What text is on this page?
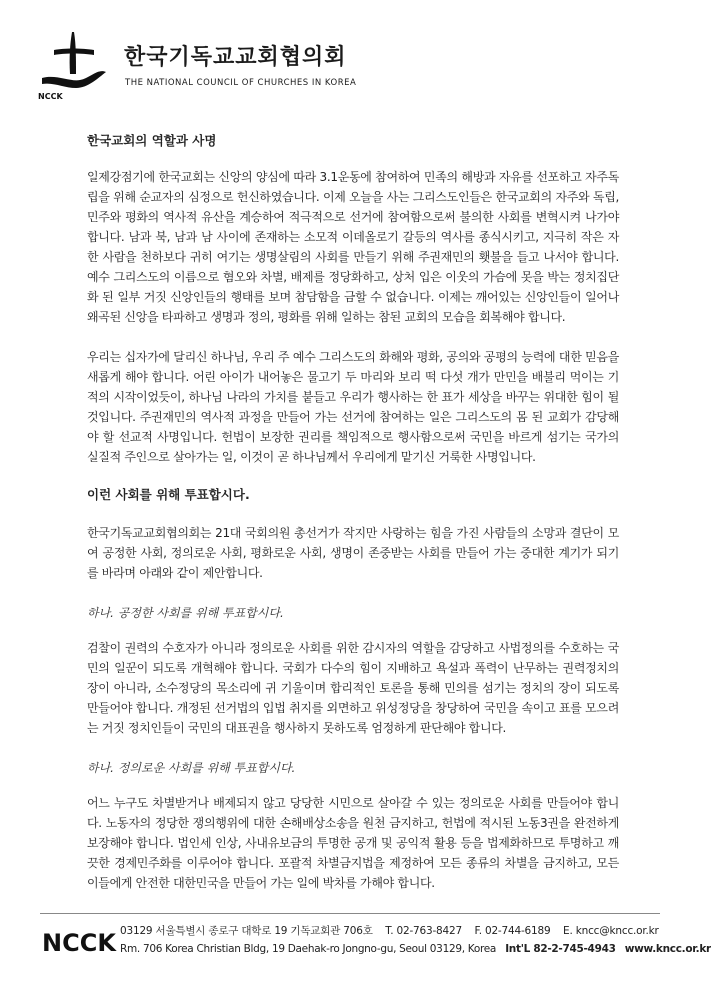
NCCK
한국기독교교회협의회
THE NATIONAL COUNCIL OF CHURCHES IN KOREA
한국교회의 역할과 사명

일제강점기에 한국교회는 신앙의 양심에 따라 3.1운동에 참여하여 민족의 해방과 자유를 선포하고 자주독립을 위해 순교자의 심정으로 헌신하였습니다. 이제 오늘을 사는 그리스도인들은 한국교회의 자주와 독립, 민주와 평화의 역사적 유산을 계승하여 적극적으로 선거에 참여함으로써 불의한 사회를 변혁시켜 나가야 합니다. 남과 북, 남과 남 사이에 존재하는 소모적 이데올로기 갈등의 역사를 종식시키고, 지극히 작은 자 한 사람을 천하보다 귀히 여기는 생명살림의 사회를 만들기 위해 주권재민의 횃불을 들고 나서야 합니다. 예수 그리스도의 이름으로 혐오와 차별, 배제를 정당화하고, 상처 입은 이웃의 가슴에 못을 박는 정치집단화 된 일부 거짓 신앙인들의 행태를 보며 참담함을 금할 수 없습니다. 이제는 깨어있는 신앙인들이 일어나 왜곡된 신앙을 타파하고 생명과 정의, 평화를 위해 일하는 참된 교회의 모습을 회복해야 합니다.

우리는 십자가에 달리신 하나님, 우리 주 예수 그리스도의 화해와 평화, 공의와 공평의 능력에 대한 믿음을 새롭게 해야 합니다. 어린 아이가 내어놓은 물고기 두 마리와 보리 떡 다섯 개가 만민을 배불리 먹이는 기적의 시작이었듯이, 하나님 나라의 가치를 붙들고 우리가 행사하는 한 표가 세상을 바꾸는 위대한 힘이 될 것입니다. 주권재민의 역사적 과정을 만들어 가는 선거에 참여하는 일은 그리스도의 몸 된 교회가 감당해야 할 선교적 사명입니다. 헌법이 보장한 권리를 책임적으로 행사함으로써 국민을 바르게 섬기는 국가의 실질적 주인으로 살아가는 일, 이것이 곧 하나님께서 우리에게 맡기신 거룩한 사명입니다.

이런 사회를 위해 투표합시다.

한국기독교교회협의회는 21대 국회의원 총선거가 작지만 사랑하는 힘을 가진 사람들의 소망과 결단이 모여 공정한 사회, 정의로운 사회, 평화로운 사회, 생명이 존중받는 사회를 만들어 가는 중대한 계기가 되기를 바라며 아래와 같이 제안합니다.

하나. 공정한 사회를 위해 투표합시다.

검찰이 권력의 수호자가 아니라 정의로운 사회를 위한 감시자의 역할을 감당하고 사법정의를 수호하는 국민의 일꾼이 되도록 개혁해야 합니다. 국회가 다수의 힘이 지배하고 욕설과 폭력이 난무하는 권력정치의 장이 아니라, 소수정당의 목소리에 귀 기울이며 합리적인 토론을 통해 민의를 섬기는 정치의 장이 되도록 만들어야 합니다. 개정된 선거법의 입법 취지를 외면하고 위성정당을 창당하여 국민을 속이고 표를 모으려는 거짓 정치인들이 국민의 대표권을 행사하지 못하도록 엄정하게 판단해야 합니다.

하나. 정의로운 사회를 위해 투표합시다.

어느 누구도 차별받거나 배제되지 않고 당당한 시민으로 살아갈 수 있는 정의로운 사회를 만들어야 합니다. 노동자의 정당한 쟁의행위에 대한 손해배상소송을 원천 금지하고, 헌법에 적시된 노동3권을 완전하게 보장해야 합니다. 법인세 인상, 사내유보금의 투명한 공개 및 공익적 활용 등을 법제화하므로 투명하고 깨끗한 경제민주화를 이루어야 합니다. 포괄적 차별금지법을 제정하여 모든 종류의 차별을 금지하고, 모든 이들에게 안전한 대한민국을 만들어 가는 일에 박차를 가해야 합니다.

NCCK 03129 서울특별시 종로구 대학로 19 기독교회관 706호 T. 02-763-8427 F. 02-744-6189 E. kncc@kncc.or.kr
Rm. 706 Korea Christian Bldg, 19 Daehak-ro Jongno-gu, Seoul 03129, Korea Int'L 82-2-745-4943 www.kncc.or.kr
